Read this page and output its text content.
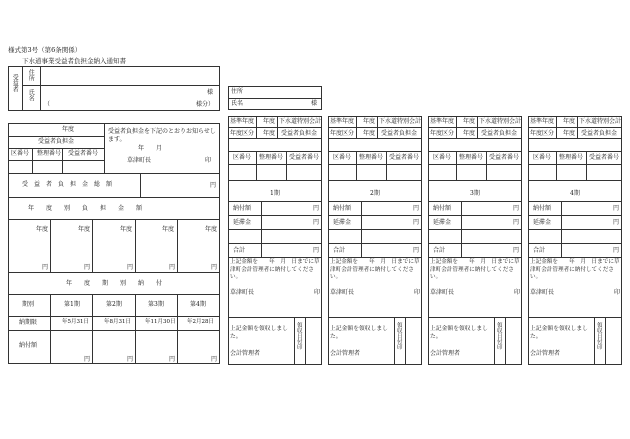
様式第3号（第6条関係）
下水道事業受益者負担金納入通知書
受益者 住所
氏名	様
（	様分）
住所
氏名	様
年度
受益者負担金
区番号 整理番号 受益者番号
受益者負担金を下記のとおりお知らせします。
年　　月
草津町長	印
受　益　者　負　担　金　総　額	円
年　　度　　別　　負　　担　　金　　額
年度	年度	年度	年度	年度
円	円	円	円	円
年　　度　　期　　別　　納　　付
期別	第1期	第2期	第3期	第4期
納期限	年5月31日	年8月31日	年11月30日 年2月28日
納付額
円	円	円	円
基準年度 年度 下水道特別会計
年度区分 年度 受益者負担金
区番号 整理番号 受益者番号
1期
納付額	円
延滞金	円
合計	円
上記金額を　　年　月　日までに草津町会計管理者に納付してください。
草津町長	印
上記金額を領収しました。
会計管理者
領収日付印
基準年度 年度 下水道特別会計
年度区分 年度 受益者負担金
区番号 整理番号 受益者番号
2期
納付額	円
延滞金	円
合計	円
上記金額を　　年　月　日までに草津町会計管理者に納付してください。
草津町長	印
上記金額を領収しました。
会計管理者
領収日付印
基準年度 年度 下水道特別会計
年度区分 年度 受益者負担金
区番号 整理番号 受益者番号
3期
納付額	円
延滞金	円
合計	円
上記金額を　　年　月　日までに草津町会計管理者に納付してください。
草津町長	印
上記金額を領収しました。
会計管理者
領収日付印
基準年度 年度 下水道特別会計
年度区分 年度 受益者負担金
区番号 整理番号 受益者番号
4期
納付額	円
延滞金	円
合計	円
上記金額を　　年　月　日までに草津町会計管理者に納付してください。
草津町長	印
上記金額を領収しました。
会計管理者
領収日付印
